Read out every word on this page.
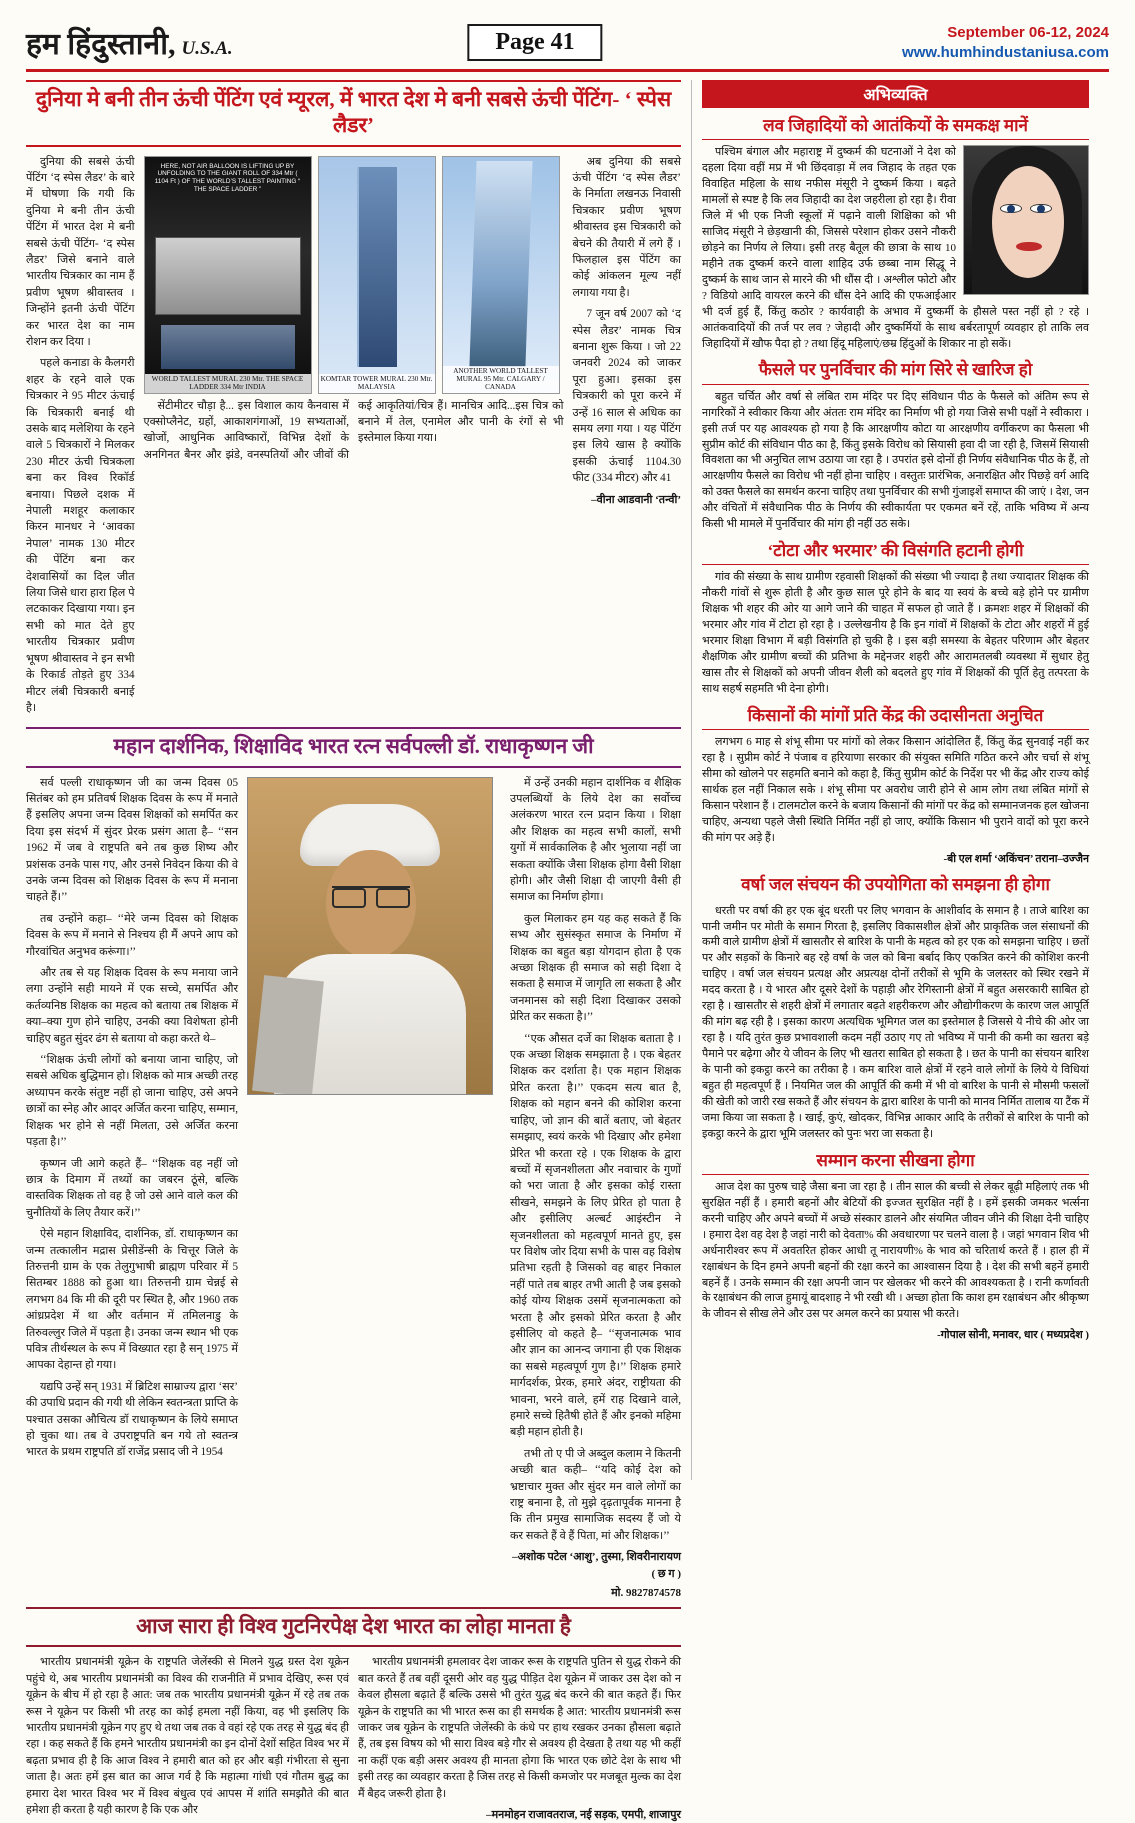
हम हिंदुस्तानी, U.S.A.	Page 41	September 06-12, 2024
www.humhindustaniusa.com
दुनिया मे बनी तीन ऊंची पेंटिंग एवं म्यूरल, में भारत देश मे बनी सबसे ऊंची पेंटिंग- ‘ स्पेस लैडर’

दुनिया की सबसे ऊंची पेंटिंग ‘द स्पेस लैडर’ के बारे में घोषणा कि गयी कि दुनिया मे बनी तीन ऊंची पेंटिंग में भारत देश मे बनी सबसे ऊंची पेंटिंग- ‘द स्पेस लैडर’ जिसे बनाने वाले भारतीय चित्रकार का नाम हैं प्रवीण भूषण श्रीवास्तव । जिन्होंने इतनी ऊंची पेंटिंग कर भारत देश का नाम रोशन कर दिया ।

पहले कनाडा के कैलगरी शहर के रहने वाले एक चित्रकार ने 95 मीटर ऊंचाई कि चित्रकारी बनाई थी उसके बाद मलेशिया के रहने वाले 5 चित्रकारों ने मिलकर 230 मीटर ऊंची चित्रकला बना कर विश्व रिकॉर्ड बनाया। पिछले दशक में नेपाली मशहूर कलाकार किरन मानधर ने ‘आवका नेपाल’ नामक 130 मीटर की पेंटिंग बना कर देशवासियों का दिल जीत लिया जिसे धारा हारा हिल पे लटकाकर दिखाया गया। इन सभी को मात देते हुए भारतीय चित्रकार प्रवीण भूषण श्रीवास्तव ने इन सभी के रिकार्ड तोड़ते हुए 334 मीटर लंबी चित्रकारी बनाई है।

HERE, NOT AIR BALLOON IS LIFTING UP BY UNFOLDING TO THE GIANT ROLL OF 334 Mtr ( 1104 Ft ) OF THE WORLD’S TALLEST PAINTING “ THE SPACE LADDER ”
WORLD TALLEST MURAL 230 Mtr. THE SPACE LADDER 334 Mtr INDIA
KOMTAR TOWER MURAL 230 Mtr. MALAYSIA
ANOTHER WORLD TALLEST MURAL 95 Mtr. CALGARY / CANADA

सेंटीमीटर चौड़ा है... इस विशाल काय कैनवास में एक्सोप्लैनेट, ग्रहों, आकाशगंगाओं, 19 सभ्यताओं, खोजों, आधुनिक आविष्कारों, विभिन्न देशों के अनगिनत बैनर और झंडे, वनस्पतियों और जीवों की कई आकृतियां/चित्र हैं। मानचित्र आदि...इस चित्र को बनाने में तेल, एनामेल और पानी के रंगों से भी इस्तेमाल किया गया।

अब दुनिया की सबसे ऊंची पेंटिंग ‘द स्पेस लैडर’ के निर्माता लखनऊ निवासी चित्रकार प्रवीण भूषण श्रीवास्तव इस चित्रकारी को बेचने की तैयारी में लगे हैं । फिलहाल इस पेंटिंग का कोई आंकलन मूल्य नहीं लगाया गया है।

7 जून वर्ष 2007 को ‘द स्पेस लैडर’ नामक चित्र बनाना शुरू किया । जो 22 जनवरी 2024 को जाकर पूरा हुआ। इसका इस चित्रकारी को पूरा करने में उन्हें 16 साल से अधिक का समय लगा गया । यह पेंटिंग इस लिये खास है क्योंकि इसकी ऊंचाई 1104.30 फीट (334 मीटर) और 41

–वीना आडवानी ‘तन्वी’
महान दार्शनिक, शिक्षाविद भारत रत्न सर्वपल्ली डॉ. राधाकृष्णन जी

सर्व पल्ली राधाकृष्णन जी का जन्म दिवस 05 सितंबर को हम प्रतिवर्ष शिक्षक दिवस के रूप में मनाते हैं इसलिए अपना जन्म दिवस शिक्षकों को समर्पित कर दिया इस संदर्भ में सुंदर प्रेरक प्रसंग आता है– ‘‘सन 1962 में जब वे राष्ट्रपति बने तब कुछ शिष्य और प्रशंसक उनके पास गए, और उनसे निवेदन किया की वे उनके जन्म दिवस को शिक्षक दिवस के रूप में मनाना चाहते हैं।’’

तब उन्होंने कहा– ‘‘मेरे जन्म दिवस को शिक्षक दिवस के रूप में मनाने से निश्चय ही मैं अपने आप को गौरवांचित अनुभव करूंगा।’’

और तब से यह शिक्षक दिवस के रूप मनाया जाने लगा उन्होंने सही मायने में एक सच्चे, समर्पित और कर्तव्यनिष्ठ शिक्षक का महत्व को बताया तब शिक्षक में क्या–क्या गुण होने चाहिए, उनकी क्या विशेषता होनी चाहिए बहुत सुंदर ढंग से बताया वो कहा करते थे–

‘‘शिक्षक ऊंची लोगों को बनाया जाना चाहिए, जो सबसे अधिक बुद्धिमान हो। शिक्षक को मात्र अच्छी तरह अध्यापन करके संतुष्ट नहीं हो जाना चाहिए, उसे अपने छात्रों का स्नेह और आदर अर्जित करना चाहिए, सम्मान, शिक्षक भर होने से नहीं मिलता, उसे अर्जित करना पड़ता है।’’

कृष्णन जी आगे कहते हैं– ‘‘शिक्षक वह नहीं जो छात्र के दिमाग में तथ्यों का जबरन ठूंसे, बल्कि वास्तविक शिक्षक तो वह है जो उसे आने वाले कल की चुनौतियों के लिए तैयार करें।’’

ऐसे महान शिक्षाविद, दार्शनिक, डॉ. राधाकृष्णन का जन्म तत्कालीन मद्रास प्रेसीडेंन्सी के चित्तूर जिले के तिरुत्तनी ग्राम के एक तेलुगुभाषी ब्राह्मण परिवार में 5 सितम्बर 1888 को हुआ था। तिरुत्तनी ग्राम चेन्नई से लगभग 84 कि मी की दूरी पर स्थित है, और 1960 तक आंध्रप्रदेश में था और वर्तमान में तमिलनाडु के तिरुवल्लुर जिले में पड़ता है। उनका जन्म स्थान भी एक पवित्र तीर्थस्थल के रूप में विख्यात रहा है सन् 1975 में आपका देहान्त हो गया।

यद्यपि उन्हें सन् 1931 में ब्रिटिश साम्राज्य द्वारा ‘सर’ की उपाधि प्रदान की गयी थी लेकिन स्वतन्त्रता प्राप्ति के पश्चात उसका औचित्य डॉ राधाकृष्णन के लिये समाप्त हो चुका था। तब वे उपराष्ट्रपति बन गये तो स्वतन्त्र भारत के प्रथम राष्ट्रपति डॉ राजेंद्र प्रसाद जी ने 1954

में उन्हें उनकी महान दार्शनिक व शैक्षिक उपलब्धियों के लिये देश का सर्वोच्च अलंकरण भारत रत्न प्रदान किया । शिक्षा और शिक्षक का महत्व सभी कालों, सभी युगों में सार्वकालिक है और भुलाया नहीं जा सकता क्योंकि जैसा शिक्षक होगा वैसी शिक्षा होगी। और जैसी शिक्षा दी जाएगी वैसी ही समाज का निर्माण होगा।

कुल मिलाकर हम यह कह सकते हैं कि सभ्य और सुसंस्कृत समाज के निर्माण में शिक्षक का बहुत बड़ा योगदान होता है एक अच्छा शिक्षक ही समाज को सही दिशा दे सकता है समाज में जागृति ला सकता है और जनमानस को सही दिशा दिखाकर उसको प्रेरित कर सकता है।’’

‘‘एक औसत दर्जे का शिक्षक बताता है । एक अच्छा शिक्षक समझाता है । एक बेहतर शिक्षक कर दर्शाता है। एक महान शिक्षक प्रेरित करता है।’’ एकदम सत्य बात है, शिक्षक को महान बनने की कोशिश करना चाहिए, जो ज्ञान की बातें बताए, जो बेहतर समझाए, स्वयं करके भी दिखाए और हमेशा प्रेरित भी करता रहे । एक शिक्षक के द्वारा बच्चों में सृजनशीलता और नवाचार के गुणों को भरा जाता है और इसका कोई रास्ता सीखने, समझने के लिए प्रेरित हो पाता है और इसीलिए अल्बर्ट आइंस्टीन ने सृजनशीलता को महत्वपूर्ण मानते हुए, इस पर विशेष जोर दिया सभी के पास वह विशेष प्रतिभा रहती है जिसको वह बाहर निकाल नहीं पाते तब बाहर तभी आती है जब इसको कोई योग्य शिक्षक उसमें सृजनात्मकता को भरता है और इसको प्रेरित करता है और इसीलिए वो कहते है– ‘‘सृजनात्मक भाव और ज्ञान का आनन्द जगाना ही एक शिक्षक का सबसे महत्वपूर्ण गुण है।’’ शिक्षक हमारे मार्गदर्शक, प्रेरक, हमारे अंदर, राष्ट्रीयता की भावना, भरने वाले, हमें राह दिखाने वाले, हमारे सच्चे हितैषी होते हैं और इनको महिमा बड़ी महान होती है।

तभी तो ए पी जे अब्दुल कलाम ने कितनी अच्छी बात कही– ‘‘यदि कोई देश को भ्रष्टाचार मुक्त और सुंदर मन वाले लोगों का राष्ट्र बनाना है, तो मुझे दृढ़तापूर्वक मानना है कि तीन प्रमुख सामाजिक सदस्य हैं जो ये कर सकते हैं वे हैं पिता, मां और शिक्षक।’’

–अशोक पटेल ‘आशु’, तुस्मा, शिवरीनारायण ( छ ग )
मो. 9827874578
आज सारा ही विश्व गुटनिरपेक्ष देश भारत का लोहा मानता है

भारतीय प्रधानमंत्री यूक्रेन के राष्ट्रपति जेलेंस्की से मिलने युद्ध ग्रस्त देश यूक्रेन पहुंचे थे, अब भारतीय प्रधानमंत्री का विश्व की राजनीति में प्रभाव देखिए, रूस एवं यूक्रेन के बीच में हो रहा है आत: जब तक भारतीय प्रधानमंत्री यूक्रेन में रहे तब तक रूस ने यूक्रेन पर किसी भी तरह का कोई हमला नहीं किया, वह भी इसलिए कि भारतीय प्रधानमंत्री यूक्रेन गए हुए थे तथा जब तक वे वहां रहे एक तरह से युद्ध बंद ही रहा । कह सकते हैं कि हमने भारतीय प्रधानमंत्री का इन दोनों देशों सहित विश्व भर में बढ़ता प्रभाव ही है कि आज विश्व ने हमारी बात को हर और बड़ी गंभीरता से सुना जाता है। अतः हमें इस बात का आज गर्व है कि महात्मा गांधी एवं गौतम बुद्ध का हमारा देश भारत विश्व भर में विश्व बंधुत्व एवं आपस में शांति समझौते की बात हमेशा ही करता है यही कारण है कि एक और

भारतीय प्रधानमंत्री हमलावर देश जाकर रूस के राष्ट्रपति पुतिन से युद्ध रोकने की बात करते हैं तब वहीं दूसरी ओर वह युद्ध पीड़ित देश यूक्रेन में जाकर उस देश को न केवल हौसला बढ़ाते हैं बल्कि उससे भी तुरंत युद्ध बंद करने की बात कहते हैं। फिर यूक्रेन के राष्ट्रपति का भी भारत रूस का ही समर्थक है आत: भारतीय प्रधानमंत्री रूस जाकर जब यूक्रेन के राष्ट्रपति जेलेंस्की के कंधे पर हाथ रखकर उनका हौसला बढ़ाते हैं, तब इस विषय को भी सारा विश्व बड़े गौर से अवश्य ही देखता है तथा यह भी कहीं ना कहीं एक बड़ी असर अवश्य ही मानता होगा कि भारत एक छोटे देश के साथ भी इसी तरह का व्यवहार करता है जिस तरह से किसी कमजोर पर मजबूत मुल्क का देश मैं बैहद जरूरी होता है।

–मनमोहन राजावतराज, नई सड़क, एमपी, शाजापुर
अभिव्यक्ति
लव जिहादियों को आतंकियों के समकक्ष मानें

पश्चिम बंगाल और महाराष्ट्र में दुष्कर्म की घटनाओं ने देश को दहला दिया वहीं मप्र में भी छिंदवाड़ा में लव जिहाद के तहत एक विवाहित महिला के साथ नफीस मंसूरी ने दुष्कर्म किया । बढ़ते मामलों से स्पष्ट है कि लव जिहादी का देश जहरीला हो रहा है। रीवा जिले में भी एक निजी स्कूलों में पढ़ाने वाली शिक्षिका को भी साजिद मंसूरी ने छेड़खानी की, जिससे परेशान होकर उसने नौकरी छोड़ने का निर्णय ले लिया। इसी तरह बैतूल की छात्रा के साथ 10 महीने तक दुष्कर्म करने वाला शाहिद उर्फ छब्बा नाम सिद्धू ने दुष्कर्म के साथ जान से मारने की भी धौंस दी । अश्लील फोटो और ? विडियो आदि वायरल करने की धौंस देने आदि की एफआईआर भी दर्ज हुई हैं, किंतु कठोर ? कार्यवाही के अभाव में दुष्कर्मी के हौसले पस्त नहीं हो ? रहे । आतंकवादियों की तर्ज पर लव ? जेहादी और दुष्कर्मियों के साथ बर्बरतापूर्ण व्यवहार हो ताकि लव जिहादियों में खौफ पैदा हो ? तथा हिंदू महिलाएं/छम्र हिंदुओं के शिकार ना हो सकें।

फैसले पर पुनर्विचार की मांग सिरे से खारिज हो

बहुत चर्चित और वर्षा से लंबित राम मंदिर पर दिए संविधान पीठ के फैसले को अंतिम रूप से नागरिकों ने स्वीकार किया और अंततः राम मंदिर का निर्माण भी हो गया जिसे सभी पक्षों ने स्वीकारा । इसी तर्ज पर यह आवश्यक हो गया है कि आरक्षणीय कोटा या आरक्षणीय वर्गीकरण का फैसला भी सुप्रीम कोर्ट की संविधान पीठ का है, किंतु इसके विरोध को सियासी हवा दी जा रही है, जिसमें सियासी विवशता का भी अनुचित लाभ उठाया जा रहा है । उपरांत इसे दोनों ही निर्णय संवैधानिक पीठ के हैं, तो आरक्षणीय फैसले का विरोध भी नहीं होना चाहिए । वस्तुतः प्रारंभिक, अनारक्षित और पिछड़े वर्ग आदि को उक्त फैसले का समर्थन करना चाहिए तथा पुनर्विचार की सभी गुंजाइशें समाप्त की जाएं । देश, जन और वंचितों में संवैधानिक पीठ के निर्णय की स्वीकार्यता पर एकमत बनें रहें, ताकि भविष्य में अन्य किसी भी मामले में पुनर्विचार की मांग ही नहीं उठ सके।

‘टोटा और भरमार’ की विसंगति हटानी होगी

गांव की संख्या के साथ ग्रामीण रहवासी शिक्षकों की संख्या भी ज्यादा है तथा ज्यादातर शिक्षक की नौकरी गांवों से शुरू होती है और कुछ साल पूरे होने के बाद या स्वयं के बच्चे बड़े होने पर ग्रामीण शिक्षक भी शहर की ओर या आगे जाने की चाहत में सफल हो जाते हैं । क्रमशः शहर में शिक्षकों की भरमार और गांव में टोटा हो रहा है । उल्लेखनीय है कि इन गांवों में शिक्षकों के टोटा और शहरों में हुई भरमार शिक्षा विभाग में बड़ी विसंगति हो चुकी है । इस बड़ी समस्या के बेहतर परिणाम और बेहतर शैक्षणिक और ग्रामीण बच्चों की प्रतिभा के मद्देनजर शहरी और आरामतलबी व्यवस्था में सुधार हेतु खास तौर से शिक्षकों को अपनी जीवन शैली को बदलते हुए गांव में शिक्षकों की पूर्ति हेतु तत्परता के साथ सहर्ष सहमति भी देना होगी।

किसानों की मांगों प्रति केंद्र की उदासीनता अनुचित

लगभग 6 माह से शंभू सीमा पर मांगों को लेकर किसान आंदोलित हैं, किंतु केंद्र सुनवाई नहीं कर रहा है । सुप्रीम कोर्ट ने पंजाब व हरियाणा सरकार की संयुक्त समिति गठित करने और चर्चा से शंभू सीमा को खोलने पर सहमति बनाने को कहा है, किंतु सुप्रीम कोर्ट के निर्देश पर भी केंद्र और राज्य कोई सार्थक हल नहीं निकाल सके । शंभू सीमा पर अवरोध जारी होने से आम लोग तथा लंबित मांगों से किसान परेशान हैं । टालमटोल करने के बजाय किसानों की मांगों पर केंद्र को सम्मानजनक हल खोजना चाहिए, अन्यथा पहले जैसी स्थिति निर्मित नहीं हो जाए, क्योंकि किसान भी पुराने वादों को पूरा करने की मांग पर अड़े हैं।

-बी एल शर्मा ‘अकिंचन’ तराना–उज्जैन
वर्षा जल संचयन की उपयोगिता को समझना ही होगा

धरती पर वर्षा की हर एक बूंद धरती पर लिए भगवान के आशीर्वाद के समान है । ताजे बारिश का पानी जमीन पर मोती के समान गिरता है, इसलिए विकासशील क्षेत्रों और प्राकृतिक जल संसाधनों की कमी वाले ग्रामीण क्षेत्रों में खासतौर से बारिश के पानी के महत्व को हर एक को समझना चाहिए । छतों पर और सड़कों के किनारे बह रहे वर्षा के जल को बिना बर्बाद किए एकत्रित करने की कोशिश करनी चाहिए । वर्षा जल संचयन प्रत्यक्ष और अप्रत्यक्ष दोनों तरीकों से भूमि के जलस्तर को स्थिर रखने में मदद करता है । ये भारत और दूसरे देशों के पहाड़ी और रेगिस्तानी क्षेत्रों में बहुत असरकारी साबित हो रहा है । खासतौर से शहरी क्षेत्रों में लगातार बढ़ते शहरीकरण और औद्योगीकरण के कारण जल आपूर्ति की मांग बढ़ रही है । इसका कारण अत्यधिक भूमिगत जल का इस्तेमाल है जिससे ये नीचे की ओर जा रहा है । यदि तुरंत कुछ प्रभावशाली कदम नहीं उठाए गए तो भविष्य में पानी की कमी का खतरा बड़े पैमाने पर बढ़ेगा और ये जीवन के लिए भी खतरा साबित हो सकता है । छत के पानी का संचयन बारिश के पानी को इकट्ठा करने का तरीका है । कम बारिश वाले क्षेत्रों में रहने वाले लोगों के लिये ये विधियां बहुत ही महत्वपूर्ण हैं । नियमित जल की आपूर्ति की कमी में भी वो बारिश के पानी से मौसमी फसलों की खेती को जारी रख सकते हैं और संचयन के द्वारा बारिश के पानी को मानव निर्मित तालाब या टैंक में जमा किया जा सकता है । खाई, कुएं, खोदकर, विभिन्न आकार आदि के तरीकों से बारिश के पानी को इकट्ठा करने के द्वारा भूमि जलस्तर को पुनः भरा जा सकता है।

सम्मान करना सीखना होगा

आज देश का पुरुष चाहे जैसा बना जा रहा है । तीन साल की बच्ची से लेकर बूढ़ी महिलाएं तक भी सुरक्षित नहीं हैं । हमारी बहनों और बेटियों की इज्जत सुरक्षित नहीं है । हमें इसकी जमकर भर्त्सना करनी चाहिए और अपने बच्चों में अच्छे संस्कार डालने और संयमित जीवन जीने की शिक्षा देनी चाहिए । हमारा देश वह देश है जहां नारी को देवता% की अवधारणा पर चलने वाला है । जहां भगवान शिव भी अर्धनारीश्वर रूप में अवतरित होकर आधी तू नारायणी% के भाव को चरितार्थ करते हैं । हाल ही में रक्षाबंधन के दिन हमने अपनी बहनों की रक्षा करने का आश्वासन दिया है । देश की सभी बहनें हमारी बहनें हैं । उनके सम्मान की रक्षा अपनी जान पर खेलकर भी करने की आवश्यकता है । रानी कर्णावती के रक्षाबंधन की लाज हुमायूं बादशाह ने भी रखी थी । अच्छा होता कि काश हम रक्षाबंधन और श्रीकृष्ण के जीवन से सीख लेने और उस पर अमल करने का प्रयास भी करते।

-गोपाल सोनी, मनावर, धार ( मध्यप्रदेश )
